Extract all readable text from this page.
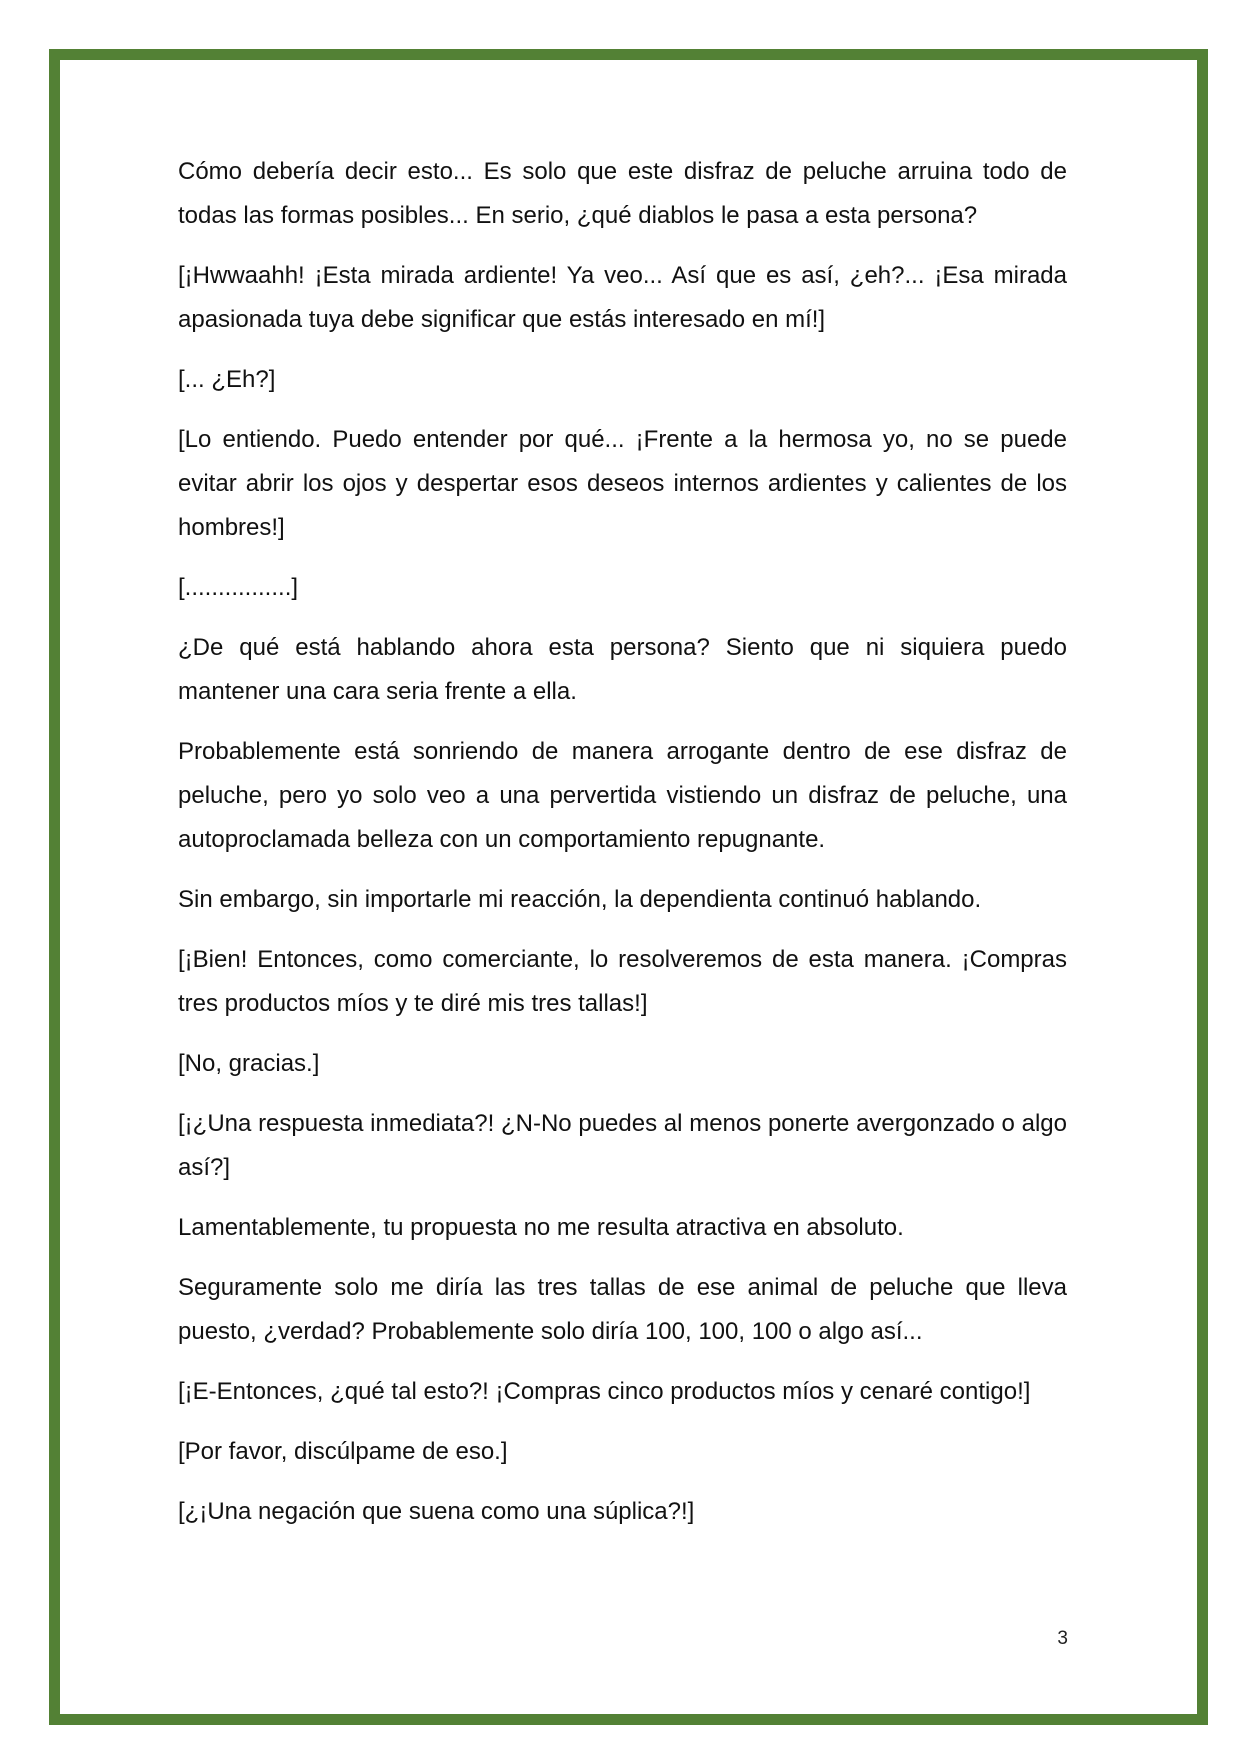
Cómo debería decir esto... Es solo que este disfraz de peluche arruina todo de todas las formas posibles... En serio, ¿qué diablos le pasa a esta persona?

[¡Hwwaahh! ¡Esta mirada ardiente! Ya veo... Así que es así, ¿eh?... ¡Esa mirada apasionada tuya debe significar que estás interesado en mí!]

[... ¿Eh?]

[Lo entiendo. Puedo entender por qué... ¡Frente a la hermosa yo, no se puede evitar abrir los ojos y despertar esos deseos internos ardientes y calientes de los hombres!]

[................]

¿De qué está hablando ahora esta persona? Siento que ni siquiera puedo mantener una cara seria frente a ella.

Probablemente está sonriendo de manera arrogante dentro de ese disfraz de peluche, pero yo solo veo a una pervertida vistiendo un disfraz de peluche, una autoproclamada belleza con un comportamiento repugnante.

Sin embargo, sin importarle mi reacción, la dependienta continuó hablando.

[¡Bien! Entonces, como comerciante, lo resolveremos de esta manera. ¡Compras tres productos míos y te diré mis tres tallas!]

[No, gracias.]

[¡¿Una respuesta inmediata?! ¿N-No puedes al menos ponerte avergonzado o algo así?]

Lamentablemente, tu propuesta no me resulta atractiva en absoluto.

Seguramente solo me diría las tres tallas de ese animal de peluche que lleva puesto, ¿verdad? Probablemente solo diría 100, 100, 100 o algo así...

[¡E-Entonces, ¿qué tal esto?! ¡Compras cinco productos míos y cenaré contigo!]

[Por favor, discúlpame de eso.]

[¿¡Una negación que suena como una súplica?!]

3
